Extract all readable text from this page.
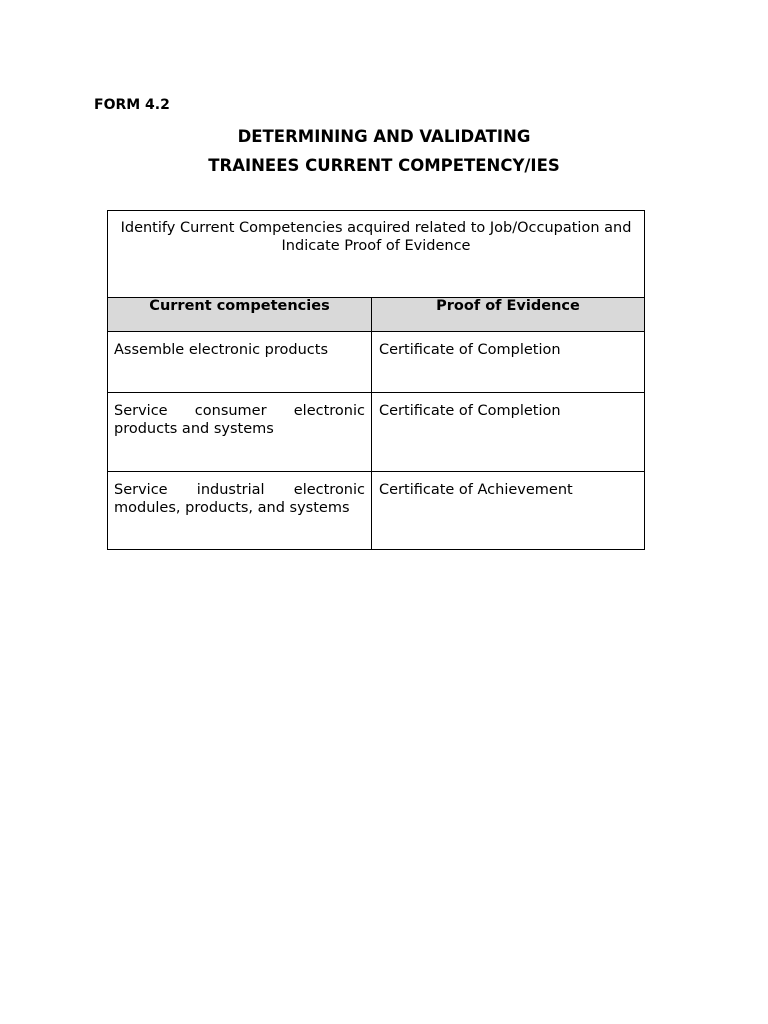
FORM 4.2
DETERMINING AND VALIDATING
TRAINEES CURRENT COMPETENCY/IES
Identify Current Competencies acquired related to Job/Occupation and Indicate Proof of Evidence	
Current competencies	Proof of Evidence
Assemble electronic products	Certificate of Completion
Service consumer electronic products and systems	Certificate of Completion
Service industrial electronic modules, products, and systems	Certificate of Achievement
